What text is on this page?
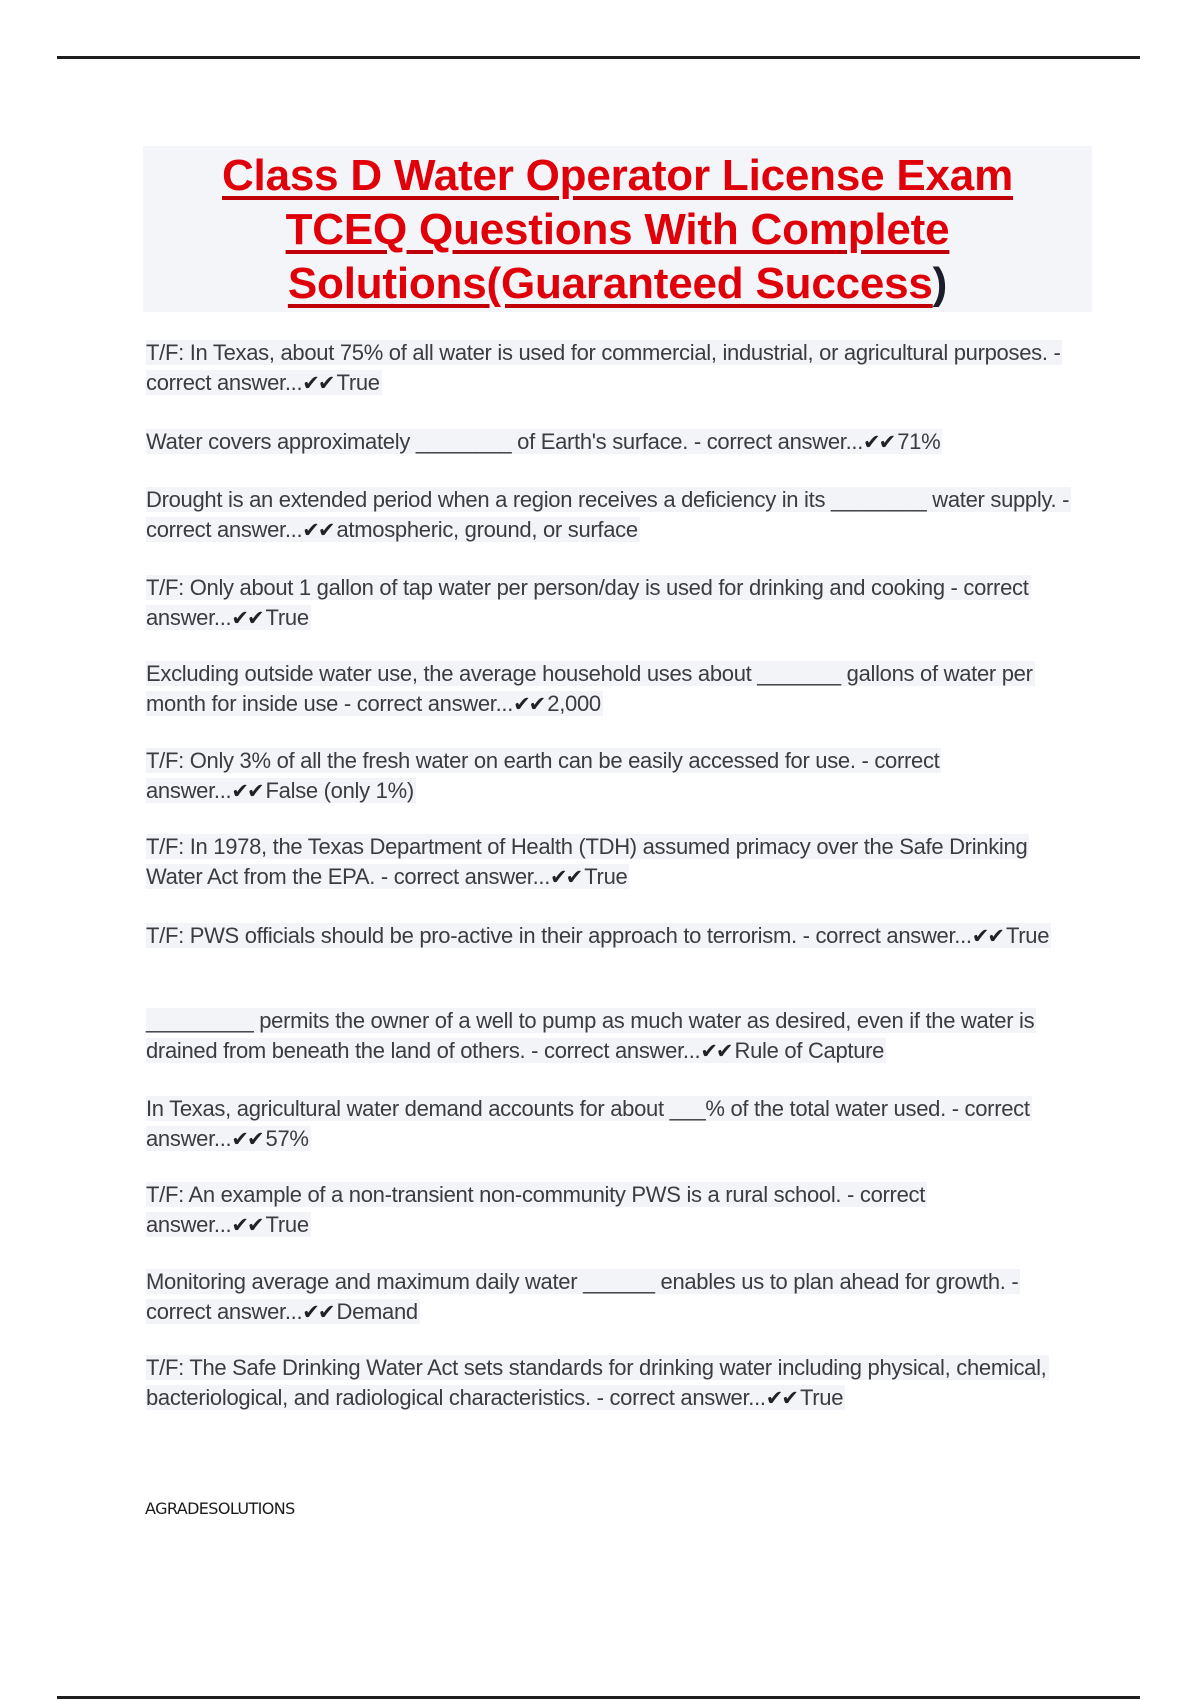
Class D Water Operator License Exam
TCEQ Questions With Complete
Solutions(Guaranteed Success)
T/F: In Texas, about 75% of all water is used for commercial, industrial, or agricultural purposes. - correct answer...✔✔ True
Water covers approximately ________ of Earth's surface. - correct answer...✔✔ 71%
Drought is an extended period when a region receives a deficiency in its ________ water supply. - correct answer...✔✔ atmospheric, ground, or surface
T/F: Only about 1 gallon of tap water per person/day is used for drinking and cooking - correct answer...✔✔ True
Excluding outside water use, the average household uses about _______ gallons of water per month for inside use - correct answer...✔✔ 2,000
T/F: Only 3% of all the fresh water on earth can be easily accessed for use. - correct answer...✔✔ False (only 1%)
T/F: In 1978, the Texas Department of Health (TDH) assumed primacy over the Safe Drinking Water Act from the EPA. - correct answer...✔✔ True
T/F: PWS officials should be pro-active in their approach to terrorism. - correct answer...✔✔ True
_________ permits the owner of a well to pump as much water as desired, even if the water is drained from beneath the land of others. - correct answer...✔✔ Rule of Capture
In Texas, agricultural water demand accounts for about ___% of the total water used. - correct answer...✔✔ 57%
T/F: An example of a non-transient non-community PWS is a rural school. - correct answer...✔✔ True
Monitoring average and maximum daily water ______ enables us to plan ahead for growth. - correct answer...✔✔ Demand
T/F: The Safe Drinking Water Act sets standards for drinking water including physical, chemical, bacteriological, and radiological characteristics. - correct answer...✔✔ True
AGRADESOLUTIONS
